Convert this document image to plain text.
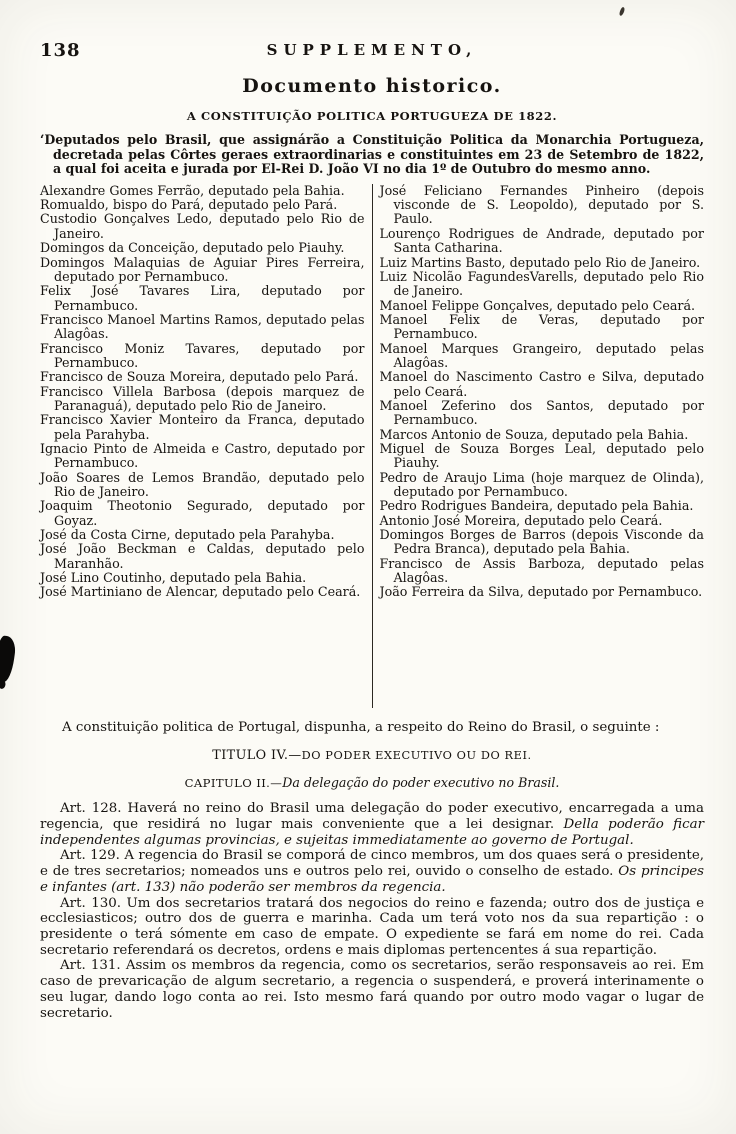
138	SUPPLEMENTO,
Documento historico.
A CONSTITUIÇÃO POLITICA PORTUGUEZA DE 1822.

‘Deputados pelo Brasil, que assignárão a Constituição Politica da Monarchia Portugueza, decretada pelas Côrtes geraes extraordinarias e constituintes em 23 de Setembro de 1822, a qual foi aceita e jurada por El-Rei D. João VI no dia 1º de Outubro do mesmo anno.

Alexandre Gomes Ferrão, deputado pela Bahia.

Romualdo, bispo do Pará, deputado pelo Pará.

Custodio Gonçalves Ledo, deputado pelo Rio de Janeiro.

Domingos da Conceição, deputado pelo Piauhy.

Domingos Malaquias de Aguiar Pires Ferreira, deputado por Pernambuco.

Felix José Tavares Lira, deputado por Pernambuco.

Francisco Manoel Martins Ramos, deputado pelas Alagôas.

Francisco Moniz Tavares, deputado por Pernambuco.

Francisco de Souza Moreira, deputado pelo Pará.

Francisco Villela Barbosa (depois marquez de Paranaguá), deputado pelo Rio de Janeiro.

Francisco Xavier Monteiro da Franca, deputado pela Parahyba.

Ignacio Pinto de Almeida e Castro, deputado por Pernambuco.

João Soares de Lemos Brandão, deputado pelo Rio de Janeiro.

Joaquim Theotonio Segurado, deputado por Goyaz.

José da Costa Cirne, deputado pela Parahyba.

José João Beckman e Caldas, deputado pelo Maranhão.

José Lino Coutinho, deputado pela Bahia.

José Martiniano de Alencar, deputado pelo Ceará.

José Feliciano Fernandes Pinheiro (depois visconde de S. Leopoldo), deputado por S. Paulo.

Lourenço Rodrigues de Andrade, deputado por Santa Catharina.

Luiz Martins Basto, deputado pelo Rio de Janeiro.

Luiz Nicolão FagundesVarells, deputado pelo Rio de Janeiro.

Manoel Felippe Gonçalves, deputado pelo Ceará.

Manoel Felix de Veras, deputado por Pernambuco.

Manoel Marques Grangeiro, deputado pelas Alagôas.

Manoel do Nascimento Castro e Silva, deputado pelo Ceará.

Manoel Zeferino dos Santos, deputado por Pernambuco.

Marcos Antonio de Souza, deputado pela Bahia.

Miguel de Souza Borges Leal, deputado pelo Piauhy.

Pedro de Araujo Lima (hoje marquez de Olinda), deputado por Pernambuco.

Pedro Rodrigues Bandeira, deputado pela Bahia.

Antonio José Moreira, deputado pelo Ceará.

Domingos Borges de Barros (depois Visconde da Pedra Branca), deputado pela Bahia.

Francisco de Assis Barboza, deputado pelas Alagôas.

João Ferreira da Silva, deputado por Pernambuco.

A constituição politica de Portugal, dispunha, a respeito do Reino do Brasil, o seguinte :

TITULO IV.—DO PODER EXECUTIVO OU DO REI.

CAPITULO II.—Da delegação do poder executivo no Brasil.

Art. 128. Haverá no reino do Brasil uma delegação do poder executivo, encarregada a uma regencia, que residirá no lugar mais conveniente que a lei designar. Della poderão ficar independentes algumas provincias, e sujeitas immediatamente ao governo de Portugal.

Art. 129. A regencia do Brasil se comporá de cinco membros, um dos quaes será o presidente, e de tres secretarios; nomeados uns e outros pelo rei, ouvido o conselho de estado. Os principes e infantes (art. 133) não poderão ser membros da regencia.

Art. 130. Um dos secretarios tratará dos negocios do reino e fazenda; outro dos de justiça e ecclesiasticos; outro dos de guerra e marinha. Cada um terá voto nos da sua repartição : o presidente o terá sómente em caso de empate. O expediente se fará em nome do rei. Cada secretario referendará os decretos, ordens e mais diplomas pertencentes á sua repartição.

Art. 131. Assim os membros da regencia, como os secretarios, serão responsaveis ao rei. Em caso de prevaricação de algum secretario, a regencia o suspenderá, e proverá interinamente o seu lugar, dando logo conta ao rei. Isto mesmo fará quando por outro modo vagar o lugar de secretario.
